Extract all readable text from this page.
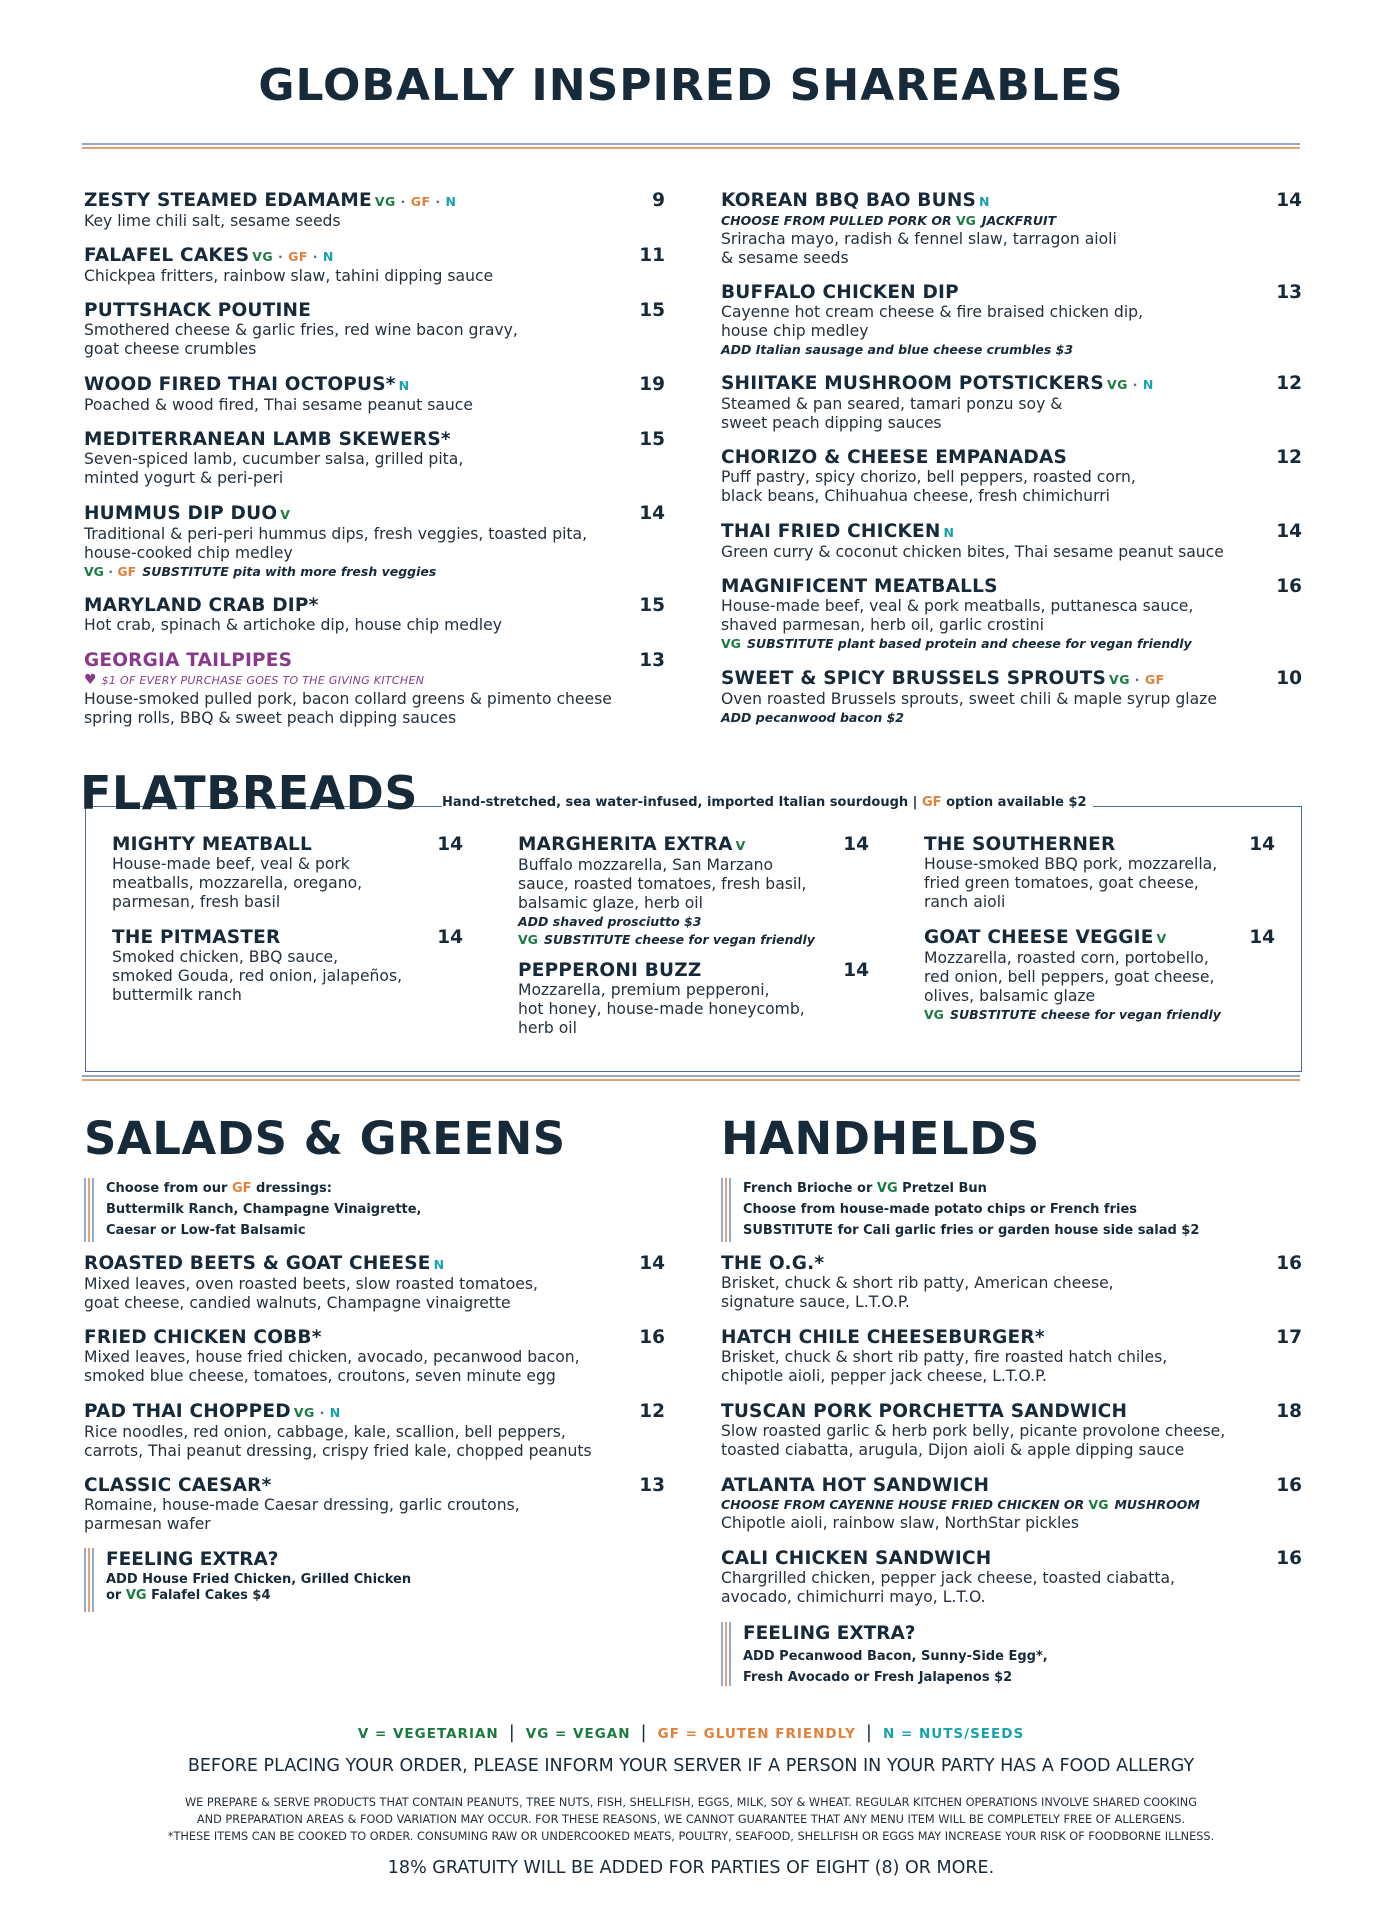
GLOBALLY INSPIRED SHAREABLES
ZESTY STEAMED EDAMAME VG · GF · N
Key lime chili salt, sesame seeds
9
FALAFEL CAKES VG · GF · N
Chickpea fritters, rainbow slaw, tahini dipping sauce
11
PUTTSHACK POUTINE
Smothered cheese & garlic fries, red wine bacon gravy,
goat cheese crumbles
15
WOOD FIRED THAI OCTOPUS* N
Poached & wood fired, Thai sesame peanut sauce
19
MEDITERRANEAN LAMB SKEWERS*
Seven-spiced lamb, cucumber salsa, grilled pita,
minted yogurt & peri-peri
15
HUMMUS DIP DUO V
Traditional & peri-peri hummus dips, fresh veggies, toasted pita,
house-cooked chip medley
VG · GF SUBSTITUTE pita with more fresh veggies
14
MARYLAND CRAB DIP*
Hot crab, spinach & artichoke dip, house chip medley
15
GEORGIA TAILPIPES
♥ $1 OF EVERY PURCHASE GOES TO THE GIVING KITCHEN
House-smoked pulled pork, bacon collard greens & pimento cheese
spring rolls, BBQ & sweet peach dipping sauces
13
KOREAN BBQ BAO BUNS N
CHOOSE FROM PULLED PORK OR VG JACKFRUIT
Sriracha mayo, radish & fennel slaw, tarragon aioli
& sesame seeds
14
BUFFALO CHICKEN DIP
Cayenne hot cream cheese & fire braised chicken dip,
house chip medley
ADD Italian sausage and blue cheese crumbles $3
13
SHIITAKE MUSHROOM POTSTICKERS VG · N
Steamed & pan seared, tamari ponzu soy &
sweet peach dipping sauces
12
CHORIZO & CHEESE EMPANADAS
Puff pastry, spicy chorizo, bell peppers, roasted corn,
black beans, Chihuahua cheese, fresh chimichurri
12
THAI FRIED CHICKEN N
Green curry & coconut chicken bites, Thai sesame peanut sauce
14
MAGNIFICENT MEATBALLS
House-made beef, veal & pork meatballs, puttanesca sauce,
shaved parmesan, herb oil, garlic crostini
VG SUBSTITUTE plant based protein and cheese for vegan friendly
16
SWEET & SPICY BRUSSELS SPROUTS VG · GF
Oven roasted Brussels sprouts, sweet chili & maple syrup glaze
ADD pecanwood bacon $2
10
FLATBREADS Hand-stretched, sea water-infused, imported Italian sourdough | GF option available $2
MIGHTY MEATBALL
House-made beef, veal & pork
meatballs, mozzarella, oregano,
parmesan, fresh basil
14
THE PITMASTER
Smoked chicken, BBQ sauce,
smoked Gouda, red onion, jalapeños,
buttermilk ranch
14
MARGHERITA EXTRA V
Buffalo mozzarella, San Marzano
sauce, roasted tomatoes, fresh basil,
balsamic glaze, herb oil
ADD shaved prosciutto $3
VG SUBSTITUTE cheese for vegan friendly
14
PEPPERONI BUZZ
Mozzarella, premium pepperoni,
hot honey, house-made honeycomb,
herb oil
14
THE SOUTHERNER
House-smoked BBQ pork, mozzarella,
fried green tomatoes, goat cheese,
ranch aioli
14
GOAT CHEESE VEGGIE V
Mozzarella, roasted corn, portobello,
red onion, bell peppers, goat cheese,
olives, balsamic glaze
VG SUBSTITUTE cheese for vegan friendly
14
SALADS & GREENS
Choose from our GF dressings:
Buttermilk Ranch, Champagne Vinaigrette,
Caesar or Low-fat Balsamic
ROASTED BEETS & GOAT CHEESE N
Mixed leaves, oven roasted beets, slow roasted tomatoes,
goat cheese, candied walnuts, Champagne vinaigrette
14
FRIED CHICKEN COBB*
Mixed leaves, house fried chicken, avocado, pecanwood bacon,
smoked blue cheese, tomatoes, croutons, seven minute egg
16
PAD THAI CHOPPED VG · N
Rice noodles, red onion, cabbage, kale, scallion, bell peppers,
carrots, Thai peanut dressing, crispy fried kale, chopped peanuts
12
CLASSIC CAESAR*
Romaine, house-made Caesar dressing, garlic croutons,
parmesan wafer
13
FEELING EXTRA?
ADD House Fried Chicken, Grilled Chicken
or VG Falafel Cakes $4
HANDHELDS
French Brioche or VG Pretzel Bun
Choose from house-made potato chips or French fries
SUBSTITUTE for Cali garlic fries or garden house side salad $2
THE O.G.*
Brisket, chuck & short rib patty, American cheese,
signature sauce, L.T.O.P.
16
HATCH CHILE CHEESEBURGER*
Brisket, chuck & short rib patty, fire roasted hatch chiles,
chipotle aioli, pepper jack cheese, L.T.O.P.
17
TUSCAN PORK PORCHETTA SANDWICH
Slow roasted garlic & herb pork belly, picante provolone cheese,
toasted ciabatta, arugula, Dijon aioli & apple dipping sauce
18
ATLANTA HOT SANDWICH
CHOOSE FROM CAYENNE HOUSE FRIED CHICKEN OR VG MUSHROOM
Chipotle aioli, rainbow slaw, NorthStar pickles
16
CALI CHICKEN SANDWICH
Chargrilled chicken, pepper jack cheese, toasted ciabatta,
avocado, chimichurri mayo, L.T.O.
16
FEELING EXTRA?
ADD Pecanwood Bacon, Sunny-Side Egg*,
Fresh Avocado or Fresh Jalapenos $2
V = VEGETARIAN | VG = VEGAN | GF = GLUTEN FRIENDLY | N = NUTS/SEEDS
BEFORE PLACING YOUR ORDER, PLEASE INFORM YOUR SERVER IF A PERSON IN YOUR PARTY HAS A FOOD ALLERGY
WE PREPARE & SERVE PRODUCTS THAT CONTAIN PEANUTS, TREE NUTS, FISH, SHELLFISH, EGGS, MILK, SOY & WHEAT. REGULAR KITCHEN OPERATIONS INVOLVE SHARED COOKING
AND PREPARATION AREAS & FOOD VARIATION MAY OCCUR. FOR THESE REASONS, WE CANNOT GUARANTEE THAT ANY MENU ITEM WILL BE COMPLETELY FREE OF ALLERGENS.
*THESE ITEMS CAN BE COOKED TO ORDER. CONSUMING RAW OR UNDERCOOKED MEATS, POULTRY, SEAFOOD, SHELLFISH OR EGGS MAY INCREASE YOUR RISK OF FOODBORNE ILLNESS.
18% GRATUITY WILL BE ADDED FOR PARTIES OF EIGHT (8) OR MORE.
